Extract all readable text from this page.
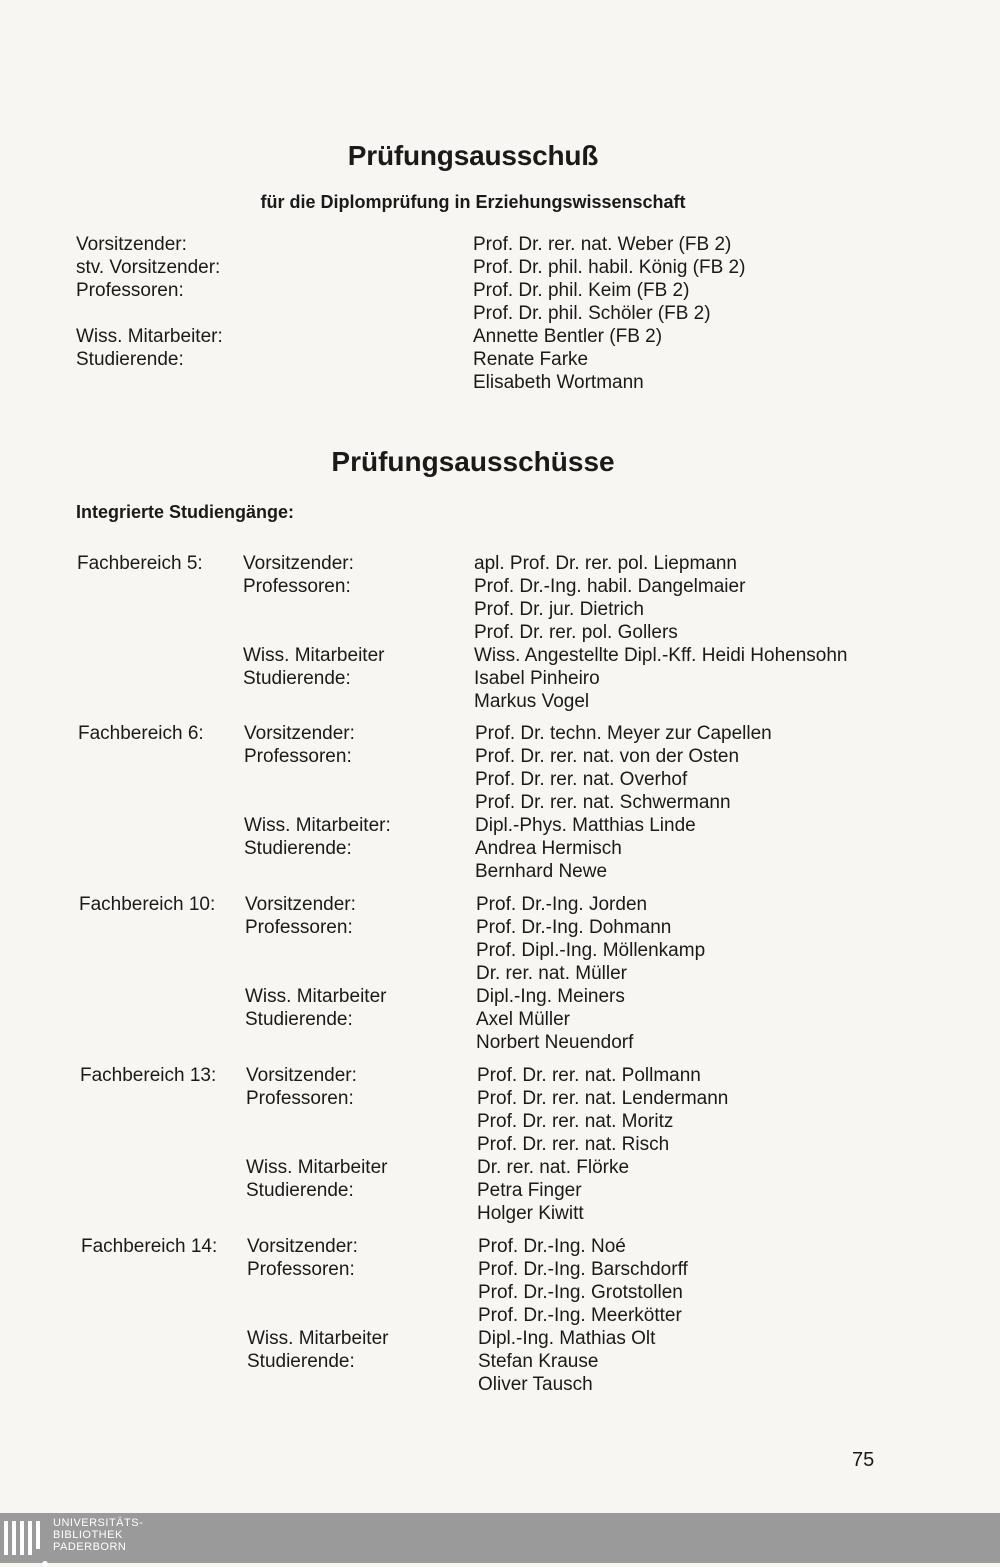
Prüfungsausschuß
für die Diplomprüfung in Erziehungswissenschaft
Vorsitzender:	Prof. Dr. rer. nat. Weber (FB 2)
stv. Vorsitzender:	Prof. Dr. phil. habil. König (FB 2)
Professoren:	Prof. Dr. phil. Keim (FB 2)
Prof. Dr. phil. Schöler (FB 2)
Wiss. Mitarbeiter:	Annette Bentler (FB 2)
Studierende:	Renate Farke
Elisabeth Wortmann
Prüfungsausschüsse
Integrierte Studiengänge:
Fachbereich 5: Vorsitzender:	apl. Prof. Dr. rer. pol. Liepmann
Professoren:	Prof. Dr.-Ing. habil. Dangelmaier
Prof. Dr. jur. Dietrich
Prof. Dr. rer. pol. Gollers
Wiss. Mitarbeiter	Wiss. Angestellte Dipl.-Kff. Heidi Hohensohn
Studierende:	Isabel Pinheiro
Markus Vogel
Fachbereich 6: Vorsitzender:	Prof. Dr. techn. Meyer zur Capellen
Professoren:	Prof. Dr. rer. nat. von der Osten
Prof. Dr. rer. nat. Overhof
Prof. Dr. rer. nat. Schwermann
Wiss. Mitarbeiter:	Dipl.-Phys. Matthias Linde
Studierende:	Andrea Hermisch
Bernhard Newe
Fachbereich 10: Vorsitzender:	Prof. Dr.-Ing. Jorden
Professoren:	Prof. Dr.-Ing. Dohmann
Prof. Dipl.-Ing. Möllenkamp
Dr. rer. nat. Müller
Wiss. Mitarbeiter	Dipl.-Ing. Meiners
Studierende:	Axel Müller
Norbert Neuendorf
Fachbereich 13: Vorsitzender:	Prof. Dr. rer. nat. Pollmann
Professoren:	Prof. Dr. rer. nat. Lendermann
Prof. Dr. rer. nat. Moritz
Prof. Dr. rer. nat. Risch
Wiss. Mitarbeiter	Dr. rer. nat. Flörke
Studierende:	Petra Finger
Holger Kiwitt
Fachbereich 14: Vorsitzender:	Prof. Dr.-Ing. Noé
Professoren:	Prof. Dr.-Ing. Barschdorff
Prof. Dr.-Ing. Grotstollen
Prof. Dr.-Ing. Meerkötter
Wiss. Mitarbeiter	Dipl.-Ing. Mathias Olt
Studierende:	Stefan Krause
Oliver Tausch
75
UNIVERSITÄTS-
BIBLIOTHEK
PADERBORN
